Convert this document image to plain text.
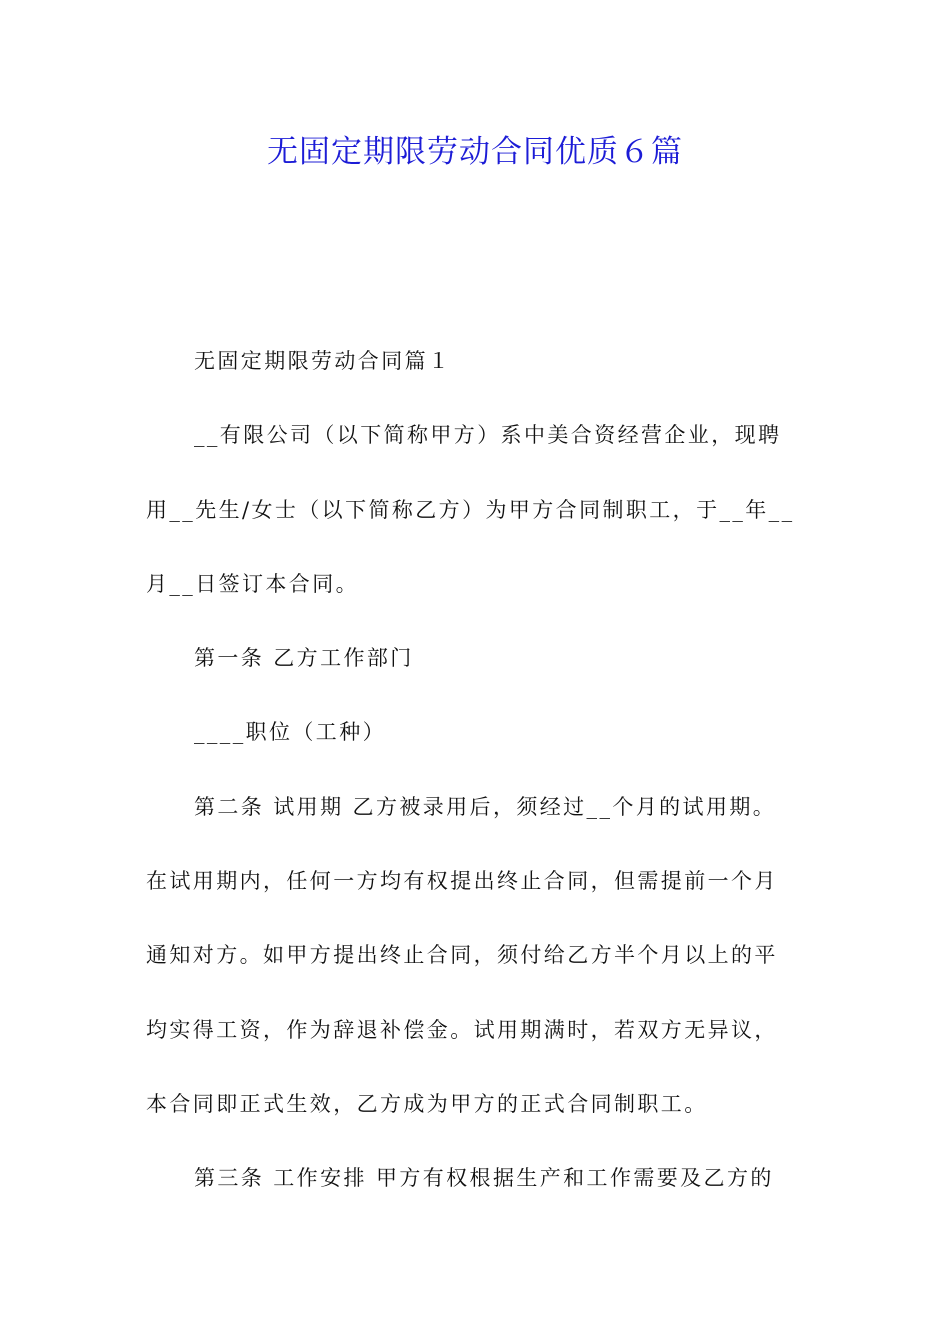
无固定期限劳动合同优质６篇
无固定期限劳动合同篇１
__有限公司（以下简称甲方）系中美合资经营企业，现聘
用__先生/女士（以下简称乙方）为甲方合同制职工，于__年__
月__日签订本合同。
第一条 乙方工作部门
____职位（工种）
第二条 试用期 乙方被录用后，须经过__个月的试用期。
在试用期内，任何一方均有权提出终止合同，但需提前一个月
通知对方。如甲方提出终止合同，须付给乙方半个月以上的平
均实得工资，作为辞退补偿金。试用期满时，若双方无异议，
本合同即正式生效，乙方成为甲方的正式合同制职工。
第三条 工作安排 甲方有权根据生产和工作需要及乙方的
